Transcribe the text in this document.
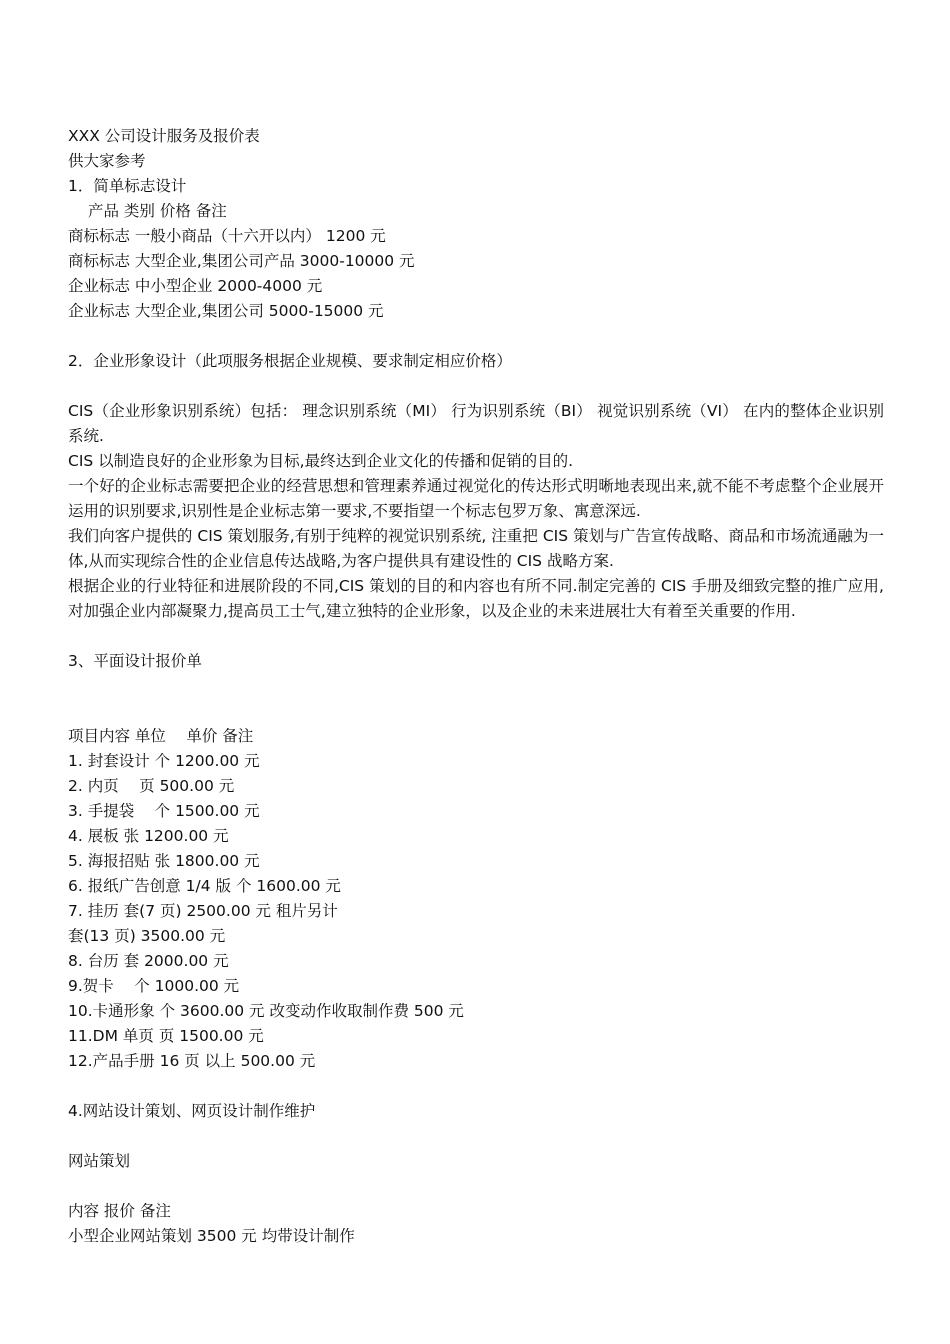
XXX 公司设计服务及报价表
供大家参考
1．简单标志设计
产品 类别 价格 备注
商标标志 一般小商品（十六开以内） 1200 元
商标标志 大型企业,集团公司产品 3000-10000 元
企业标志 中小型企业 2000-4000 元
企业标志 大型企业,集团公司 5000-15000 元
2．企业形象设计（此项服务根据企业规模、要求制定相应价格）
CIS（企业形象识别系统）包括： 理念识别系统（MI） 行为识别系统（BI） 视觉识别系统（VI） 在内的整体企业识别系统.
CIS 以制造良好的企业形象为目标,最终达到企业文化的传播和促销的目的.
一个好的企业标志需要把企业的经营思想和管理素养通过视觉化的传达形式明晰地表现出来,就不能不考虑整个企业展开运用的识别要求,识别性是企业标志第一要求,不要指望一个标志包罗万象、寓意深远.
我们向客户提供的 CIS 策划服务,有别于纯粹的视觉识别系统, 注重把 CIS 策划与广告宣传战略、商品和市场流通融为一体,从而实现综合性的企业信息传达战略,为客户提供具有建设性的 CIS 战略方案.
根据企业的行业特征和进展阶段的不同,CIS 策划的目的和内容也有所不同.制定完善的 CIS 手册及细致完整的推广应用, 对加强企业内部凝聚力,提高员工士气,建立独特的企业形象，以及企业的未来进展壮大有着至关重要的作用.
3、平面设计报价单
项目内容 单位 　单价 备注
1. 封套设计 个 1200.00 元
2. 内页 　页 500.00 元
3. 手提袋 　个 1500.00 元
4. 展板 张 1200.00 元
5. 海报招贴 张 1800.00 元
6. 报纸广告创意 1/4 版 个 1600.00 元
7. 挂历 套(7 页) 2500.00 元 租片另计
套(13 页) 3500.00 元
8. 台历 套 2000.00 元
9.贺卡 　个 1000.00 元
10.卡通形象 个 3600.00 元 改变动作收取制作费 500 元
11.DM 单页 页 1500.00 元
12.产品手册 16 页 以上 500.00 元
4.网站设计策划、网页设计制作维护
网站策划
内容 报价 备注
小型企业网站策划 3500 元 均带设计制作
